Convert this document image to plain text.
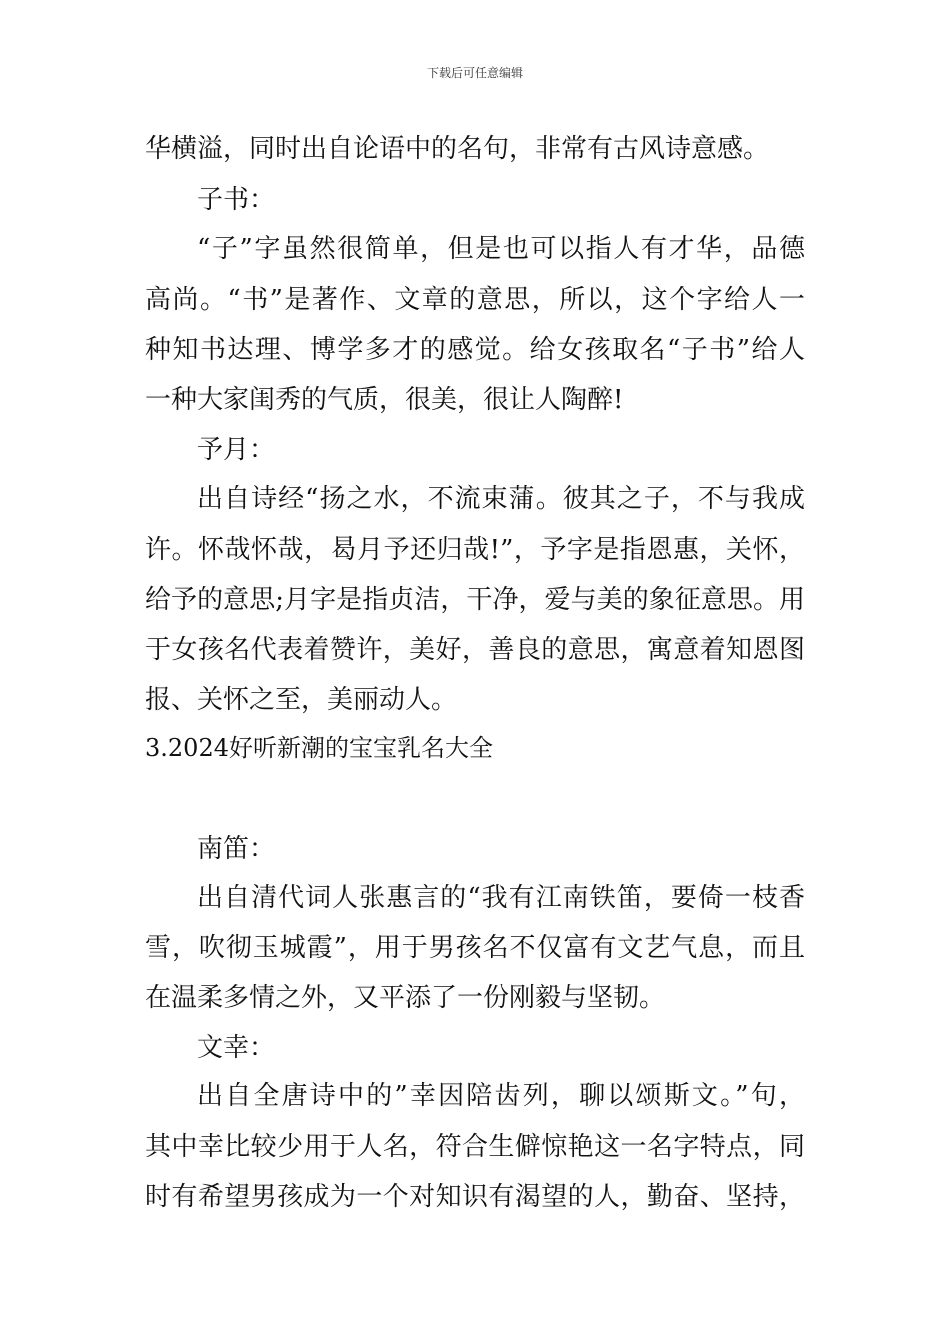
下载后可任意编辑
华横溢，同时出自论语中的名句，非常有古风诗意感。
子书：
“子”字虽然很简单，但是也可以指人有才华，品德
高尚。“书”是著作、文章的意思，所以，这个字给人一
种知书达理、博学多才的感觉。给女孩取名“子书”给人
一种大家闺秀的气质，很美，很让人陶醉!
予月：
出自诗经“扬之水，不流束蒲。彼其之子，不与我成
许。怀哉怀哉，曷月予还归哉!”，予字是指恩惠，关怀，
给予的意思;月字是指贞洁，干净，爱与美的象征意思。用
于女孩名代表着赞许，美好，善良的意思，寓意着知恩图
报、关怀之至，美丽动人。
3.2024好听新潮的宝宝乳名大全
南笛：
出自清代词人张惠言的“我有江南铁笛，要倚一枝香
雪，吹彻玉城霞”，用于男孩名不仅富有文艺气息，而且
在温柔多情之外，又平添了一份刚毅与坚韧。
文幸：
出自全唐诗中的”幸因陪齿列，聊以颂斯文。”句，
其中幸比较少用于人名，符合生僻惊艳这一名字特点，同
时有希望男孩成为一个对知识有渴望的人，勤奋、坚持，
